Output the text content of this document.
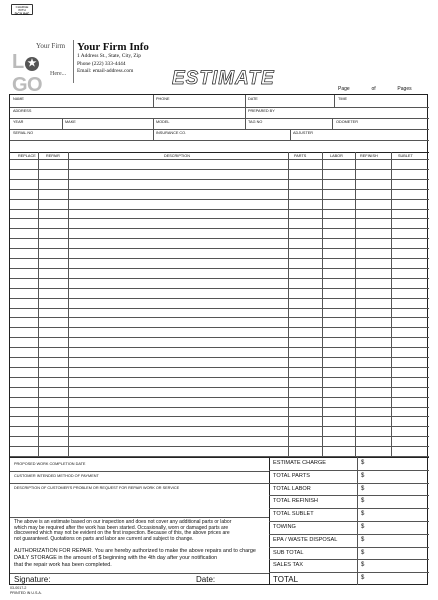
CHARGE WITH
DCY INC
Your Firm
L ★GO	Here...
Your Firm Info
1 Address St., State, City, Zip
Phone (222) 333-4444
Email: email-address.com	ESTIMATE	Page	of	Pages
NAME	PHONE	DATE	TIME
ADDRESS	PREPARED BY
YEAR	MAKE	MODEL	TAG NO	ODOMETER
SERIAL NO	INSURANCE CO.	ADJUSTER
REPLACE	REPAIR	DESCRIPTION	PARTS	LABOR	REFINISH	SUBLET
PROPOSED WORK COMPLETION DATE
CUSTOMER INTENDED METHOD OF PAYMENT
DESCRIPTION OF CUSTOMER'S PROBLEM OR REQUEST FOR REPAIR WORK OR SERVICE
The above is an estimate based on our inspection and does not cover any additional parts or labor
which may be required after the work has been started. Occasionally, worn or damaged parts are
discovered which may not be evident on the first inspection. Because of this, the above prices are
not guaranteed. Quotations on parts and labor are current and subject to change.
AUTHORIZATION FOR REPAIR. You are hereby authorized to make the above repairs and to charge
DAILY STORAGE in the amount of $ beginning with the 4th day after your notification
that the repair work has been completed.
Signature:	Date:
ESTIMATE CHARGE	$
TOTAL PARTS	$
TOTAL LABOR	$
TOTAL REFINISH	$
TOTAL SUBLET	$
TOWING	$
EPA / WASTE DISPOSAL	$
SUB TOTAL	$
SALES TAX	$
TOTAL	$
03-0017-2
PRINTED IN U.S.A.
